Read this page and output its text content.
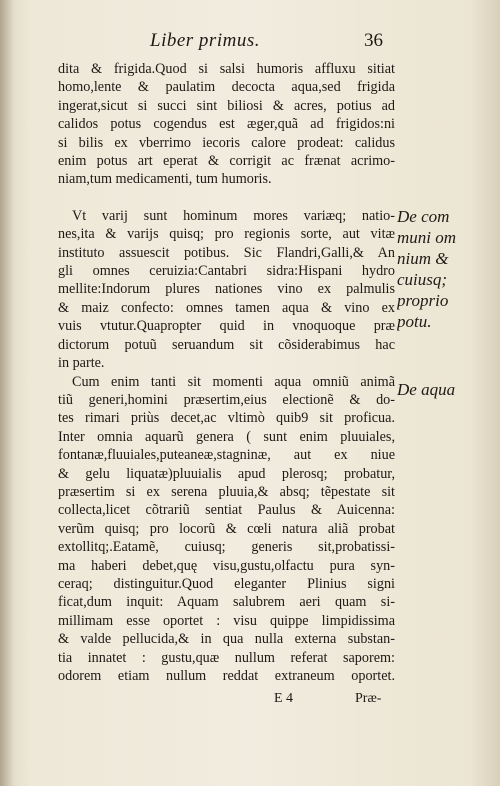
Liber primus.	36
dita & frigida.Quod si salsi humoris affluxu sitiat
homo,lente & paulatim decocta aqua,sed frigida
ingerat,sicut si succi sint biliosi & acres, potius ad
calidos potus cogendus est æger,quã ad frigidos:ni
si bilis ex vberrimo iecoris calore prodeat: calidus
enim potus art eperat & corrigit ac frænat acrimo-
niam,tum medicamenti, tum humoris.
Vt varij sunt hominum mores variæq; natio-
nes,ita & varijs quisq; pro regionis sorte, aut vitæ
instituto assuescit potibus. Sic Flandri,Galli,& An
gli omnes ceruizia:Cantabri sidra:Hispani hydro
mellite:Indorum plures nationes vino ex palmulis
& maiz confecto: omnes tamen aqua & vino ex
vuis vtutur.Quapropter quid in vnoquoque præ
dictorum potuũ seruandum sit cõsiderabimus hac
in parte.
Cum enim tanti sit momenti aqua omniũ animã
tiũ generi,homini præsertim,eius electionẽ & do-
tes rimari priùs decet,ac vltimò quib9 sit proficua.
Inter omnia aquarũ genera ( sunt enim pluuiales,
fontanæ,fluuiales,puteaneæ,stagninæ, aut ex niue
& gelu liquatæ)pluuialis apud plerosq; probatur,
præsertim si ex serena pluuia,& absq; tẽpestate sit
collecta,licet cõtrariũ sentiat Paulus & Auicenna:
verũm quisq; pro locorũ & cœli natura aliã probat
extollitq;.Eatamẽ, cuiusq; generis sit,probatissi-
ma haberi debet,quę visu,gustu,olfactu pura syn-
ceraq; distinguitur.Quod eleganter Plinius signi
ficat,dum inquit: Aquam salubrem aeri quam si-
millimam esse oportet : visu quippe limpidissima
& valde pellucida,& in qua nulla externa substan-
tia innatet : gustu,quæ nullum referat saporem:
odorem etiam nullum reddat extraneum oportet.
De com
muni om
nium &
cuiusq;
proprio
potu.
De aqua
E 4	Præ-
